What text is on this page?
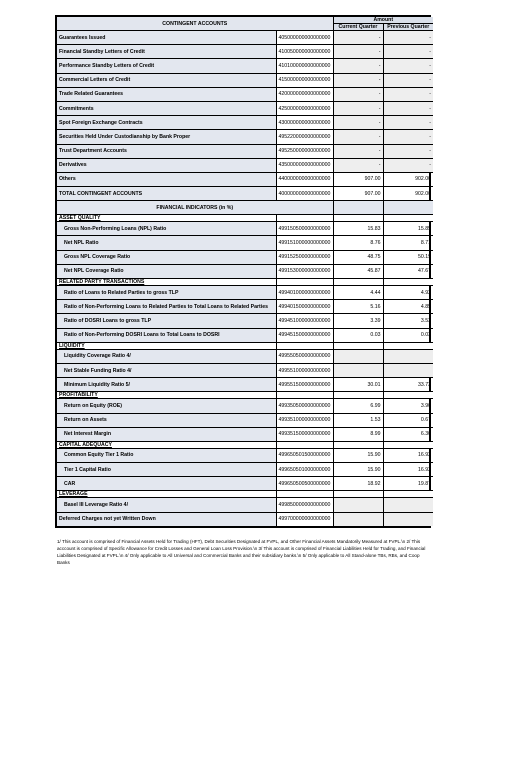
CONTINGENT ACCOUNTS		Amount	
		Current Quarter	Previous Quarter
Guarantees Issued	405000000000000000	-	-
Financial Standby Letters of Credit	410050000000000000	-	-
Performance Standby Letters of Credit	410100000000000000	-	-
Commercial Letters of Credit	415000000000000000	-	-
Trade Related Guarantees	420000000000000000	-	-
Commitments	425000000000000000	-	-
Spot Foreign Exchange Contracts	430000000000000000	-	-
Securities Held Under Custodianship by Bank Proper	495220000000000000	-	-
Trust Department Accounts	495250000000000000	-	-
Derivatives	435000000000000000	-	-
Others	440000000000000000	907.00	902.00
TOTAL CONTINGENT ACCOUNTS	400000000000000000	907.00	902.00
FINANCIAL INDICATORS (in %)			
ASSET QUALITY			
Gross Non-Performing Loans (NPL) Ratio	499150500000000000	15.83	15.85
Net NPL Ratio	499151000000000000	8.76	8.71
Gross NPL Coverage Ratio	499152500000000000	48.75	50.19
Net NPL Coverage Ratio	499153000000000000	45.87	47.67
RELATED PARTY TRANSACTIONS			
Ratio of Loans to Related Parties to gross TLP	499401000000000000	4.44	4.92
Ratio of Non-Performing Loans to Related Parties to Total Loans to Related Parties	499401500000000000	5.16	4.85
Ratio of DOSRI Loans to gross TLP	499451000000000000	3.39	3.53
Ratio of Non-Performing DOSRI Loans to Total Loans to DOSRI	499451500000000000	0.03	0.03
LIQUIDITY			
Liquidity Coverage Ratio 4/	499550500000000000		
Net Stable Funding Ratio 4/	499551000000000000		
Minimum Liquidity Ratio 5/	499551500000000000	30.01	33.73
PROFITABILITY			
Return on Equity (ROE)	499350500000000000	6.99	3.90
Return on Assets	499351000000000000	1.53	0.67
Net Interest Margin	499351500000000000	8.99	6.30
CAPITAL ADEQUACY			
Common Equity Tier 1 Ratio	499650501500000000	15.90	16.92
Tier 1 Capital Ratio	499650501000000000	15.90	16.92
CAR	499650500500000000	18.92	19.87
LEVERAGE			
Basel III Leverage Ratio 4/	499850000000000000		
Deferred Charges not yet Written Down	499700000000000000		
1/ This account is comprised of Financial Assets Held for Trading (HFT), Debt Securities Designated at FVPL, and Other Financial Assets Mandatorily Measured at FVPL.\n 2/ This acccount is comprised of Specific Allowance for Credit Losses and General Loan Loss Provision.\n 3/ This account is comprised of Financial Liabilities Held for Trading, and Financial Liabilities Designated at FVPL.\n 4/ Only applicable to All Universal and Commercial Banks and their subsidiary banks.\n 5/ Only applicable to All Stand-alone TBs, RBs, and Coop Banks
